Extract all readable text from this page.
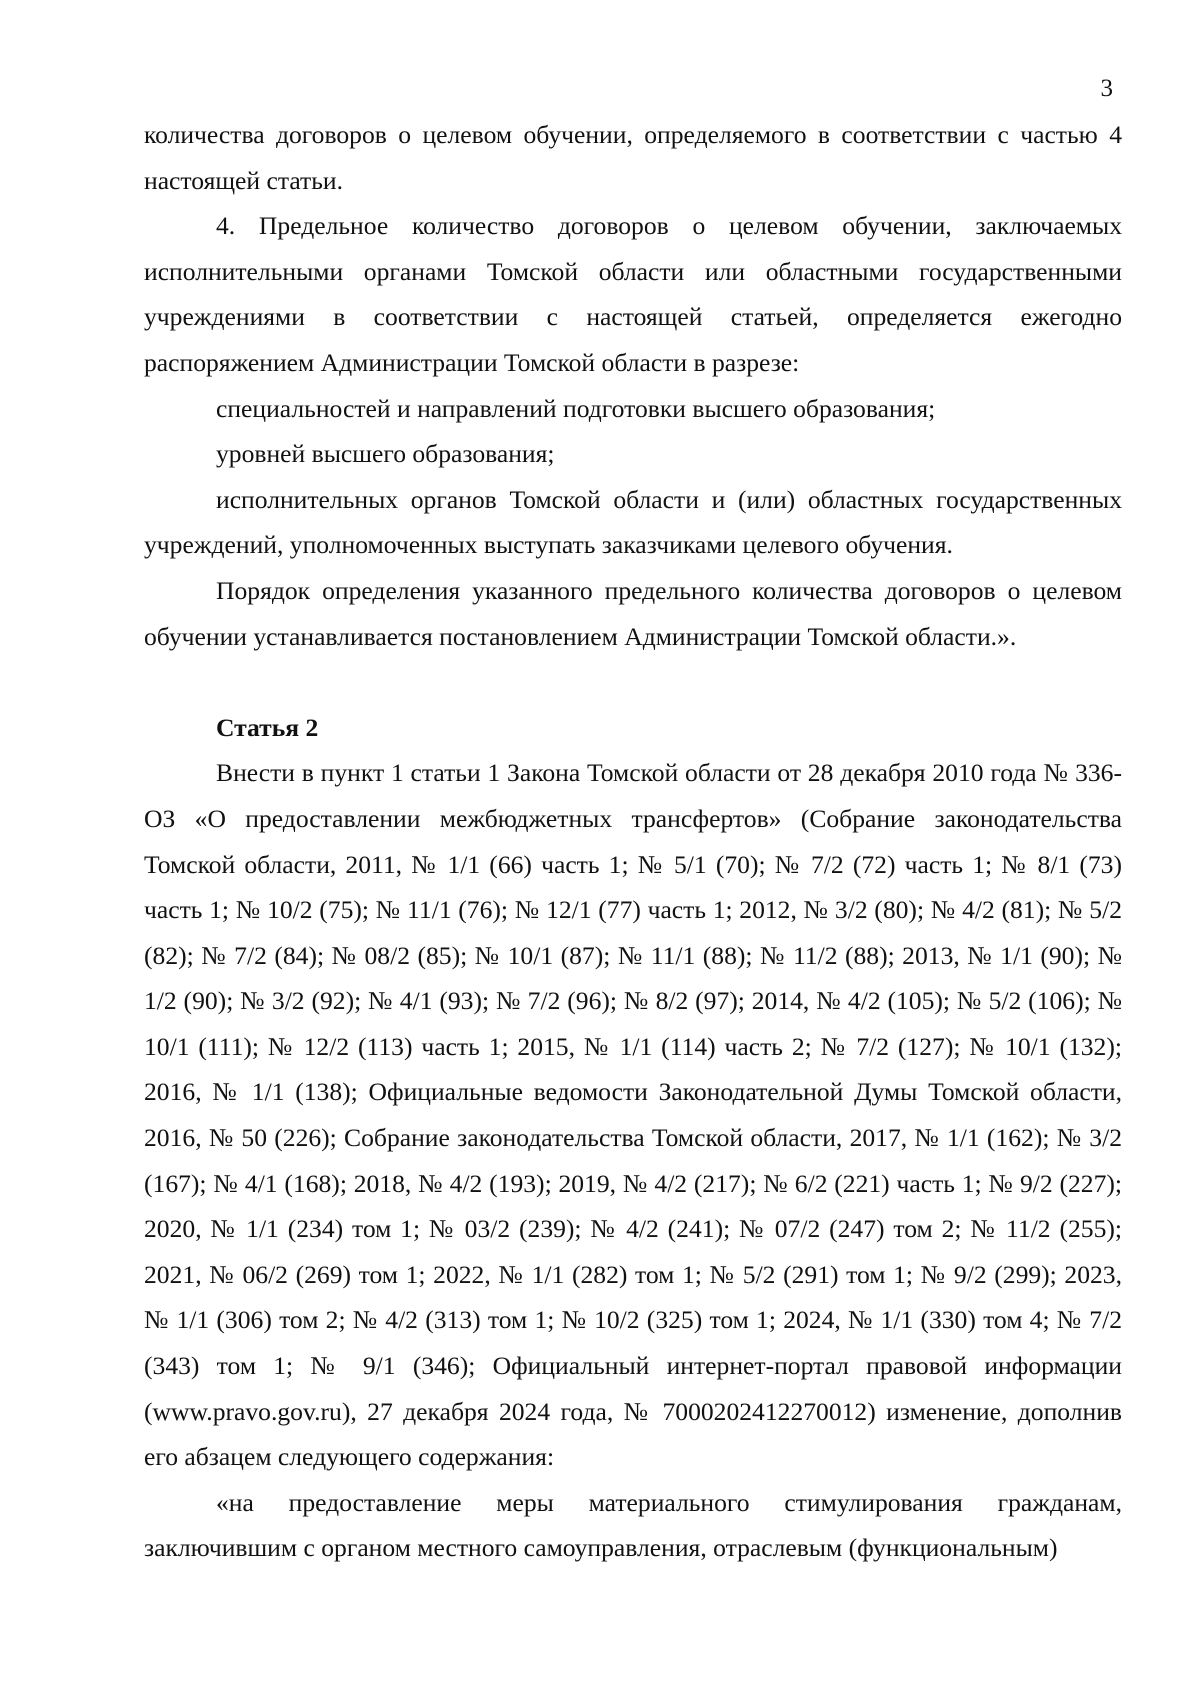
3

количества договоров о целевом обучении, определяемого в соответствии с частью 4 настоящей статьи.

4. Предельное количество договоров о целевом обучении, заключаемых исполнительными органами Томской области или областными государственными учреждениями в соответствии с настоящей статьей, определяется ежегодно распоряжением Администрации Томской области в разрезе:

специальностей и направлений подготовки высшего образования;

уровней высшего образования;

исполнительных органов Томской области и (или) областных государственных учреждений, уполномоченных выступать заказчиками целевого обучения.

Порядок определения указанного предельного количества договоров о целевом обучении устанавливается постановлением Администрации Томской области.».

Статья 2

Внести в пункт 1 статьи 1 Закона Томской области от 28 декабря 2010 года № 336-ОЗ «О предоставлении межбюджетных трансфертов» (Собрание законодательства Томской области, 2011, № 1/1 (66) часть 1; № 5/1 (70); № 7/2 (72) часть 1; № 8/1 (73) часть 1; № 10/2 (75); № 11/1 (76); № 12/1 (77) часть 1; 2012, № 3/2 (80); № 4/2 (81); № 5/2 (82); № 7/2 (84); № 08/2 (85); № 10/1 (87); № 11/1 (88); № 11/2 (88); 2013, № 1/1 (90); № 1/2 (90); № 3/2 (92); № 4/1 (93); № 7/2 (96); № 8/2 (97); 2014, № 4/2 (105); № 5/2 (106); № 10/1 (111); № 12/2 (113) часть 1; 2015, № 1/1 (114) часть 2; № 7/2 (127); № 10/1 (132); 2016, № 1/1 (138); Официальные ведомости Законодательной Думы Томской области, 2016, № 50 (226); Собрание законодательства Томской области, 2017, № 1/1 (162); № 3/2 (167); № 4/1 (168); 2018, № 4/2 (193); 2019, № 4/2 (217); № 6/2 (221) часть 1; № 9/2 (227); 2020, № 1/1 (234) том 1; № 03/2 (239); № 4/2 (241); № 07/2 (247) том 2; № 11/2 (255); 2021, № 06/2 (269) том 1; 2022, № 1/1 (282) том 1; № 5/2 (291) том 1; № 9/2 (299); 2023, № 1/1 (306) том 2; № 4/2 (313) том 1; № 10/2 (325) том 1; 2024, № 1/1 (330) том 4; № 7/2 (343) том 1; № 9/1 (346); Официальный интернет-портал правовой информации (www.pravo.gov.ru), 27 декабря 2024 года, № 7000202412270012) изменение, дополнив его абзацем следующего содержания:

«на предоставление меры материального стимулирования гражданам, заключившим с органом местного самоуправления, отраслевым (функциональным)
